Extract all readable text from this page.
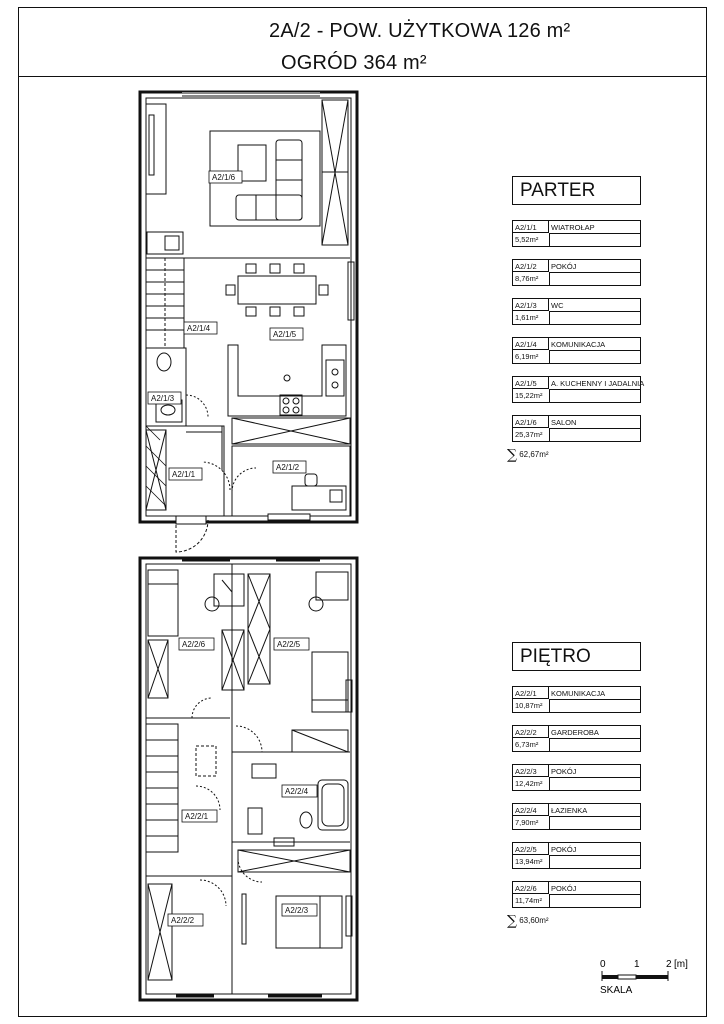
2A/2 - POW. UŻYTKOWA 126 m²
OGRÓD 364 m²
A2/1/6
A2/1/4
A2/1/5
A2/1/3
A2/1/1
A2/1/2
A2/2/6	A2/2/5
A2/2/4
A2/2/1
A2/2/3
A2/2/2
PARTER
A2/1/1	WIATROŁAP
5,52m²
A2/1/2	POKÓJ
8,76m²
A2/1/3	WC
1,61m²
A2/1/4	KOMUNIKACJA
6,19m²
A2/1/5	A. KUCHENNY I JADALNIA
15,22m²
A2/1/6	SALON
25,37m²
∑ 62,67m²
PIĘTRO
A2/2/1	KOMUNIKACJA
10,87m²
A2/2/2	GARDEROBA
6,73m²
A2/2/3	POKÓJ
12,42m²
A2/2/4	ŁAZIENKA
7,90m²
A2/2/5	POKÓJ
13,94m²
A2/2/6	POKÓJ
11,74m²
∑ 63,60m²
0	1	2 [m]
SKALA
